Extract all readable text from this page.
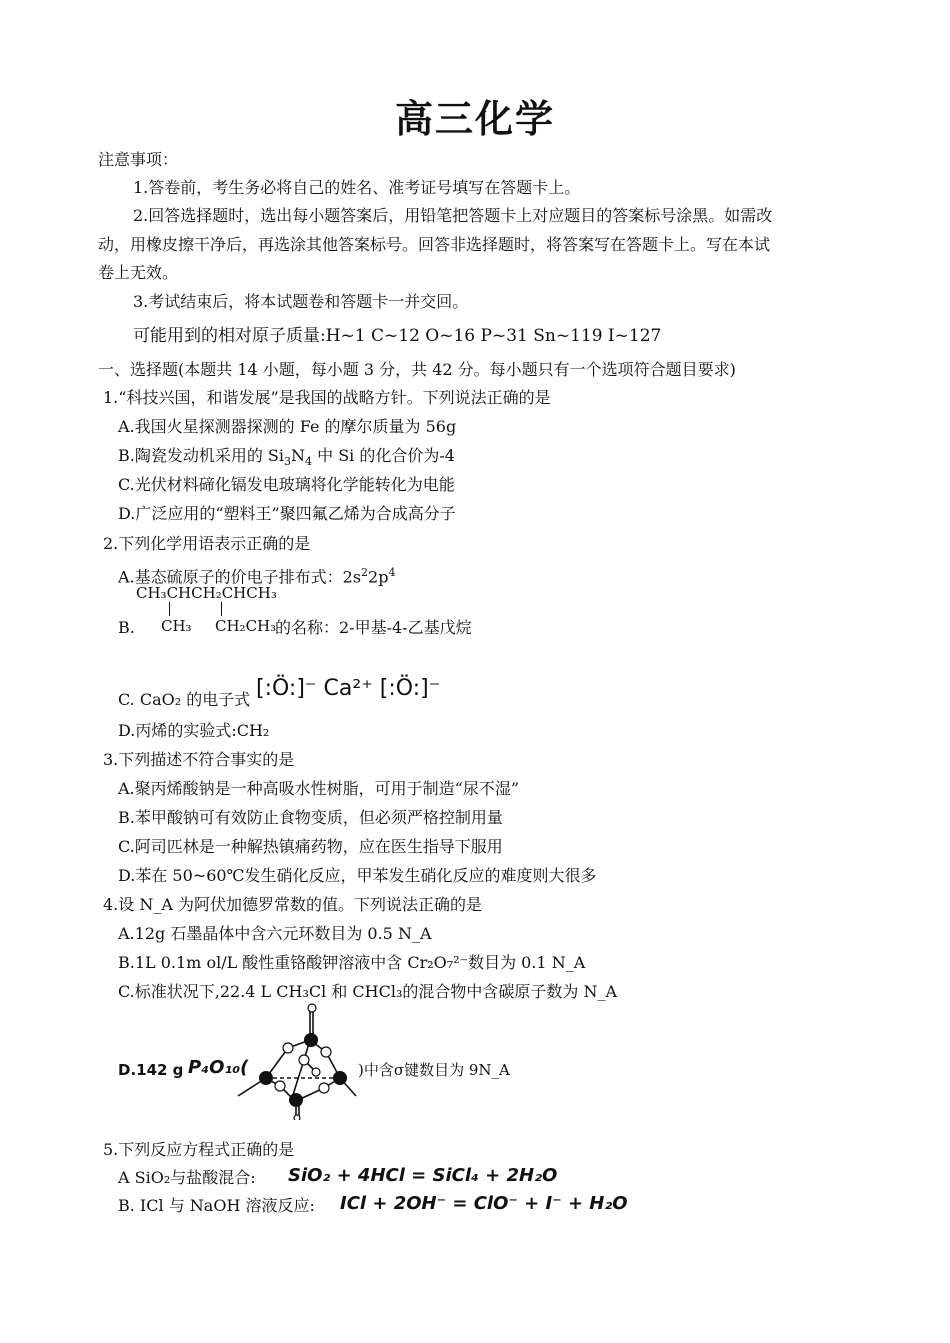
高三化学
注意事项：
1.答卷前，考生务必将自己的姓名、准考证号填写在答题卡上。
2.回答选择题时，选出每小题答案后，用铅笔把答题卡上对应题目的答案标号涂黑。如需改
动，用橡皮擦干净后，再选涂其他答案标号。回答非选择题时，将答案写在答题卡上。写在本试
卷上无效。
3.考试结束后，将本试题卷和答题卡一并交回。
可能用到的相对原子质量:H~1 C~12 O~16 P~31 Sn~119 I~127
一、选择题(本题共 14 小题，每小题 3 分，共 42 分。每小题只有一个选项符合题目要求)
1.“科技兴国，和谐发展”是我国的战略方针。下列说法正确的是
A.我国火星探测器探测的 Fe 的摩尔质量为 56g
B.陶瓷发动机采用的 $Si_3N_4$ 中 Si 的化合价为-4
C.光伏材料碲化镉发电玻璃将化学能转化为电能
D.广泛应用的“塑料王”聚四氟乙烯为合成高分子
2.下列化学用语表示正确的是
A.基态硫原子的价电子排布式：$2s^22p^4$
CH₃CHCH₂CHCH₃
B. CH₃ CH₂CH₃
的名称：2-甲基-4-乙基戊烷
C. CaO₂ 的电子式 [:Ö:]⁻ Ca²⁺ [:Ö:]⁻
D.丙烯的实验式:CH₂
3.下列描述不符合事实的是
A.聚丙烯酸钠是一种高吸水性树脂，可用于制造“尿不湿”
B.苯甲酸钠可有效防止食物变质，但必须严格控制用量
C.阿司匹林是一种解热镇痛药物，应在医生指导下服用
D.苯在 50~60℃发生硝化反应，甲苯发生硝化反应的难度则大很多
4.设 N_A 为阿伏加德罗常数的值。下列说法正确的是
A.12g 石墨晶体中含六元环数目为 0.5 N_A
B.1L 0.1m ol/L 酸性重铬酸钾溶液中含 Cr₂O₇²⁻数目为 0.1 N_A
C.标准状况下,22.4 L CH₃Cl 和 CHCl₃的混合物中含碳原子数为 N_A
D.142 g P₄O₁₀(	)中含σ键数目为 9N_A
5.下列反应方程式正确的是
A SiO₂与盐酸混合: SiO₂ + 4HCl = SiCl₄ + 2H₂O
B. ICl 与 NaOH 溶液反应: ICl + 2OH⁻ = ClO⁻ + I⁻ + H₂O
